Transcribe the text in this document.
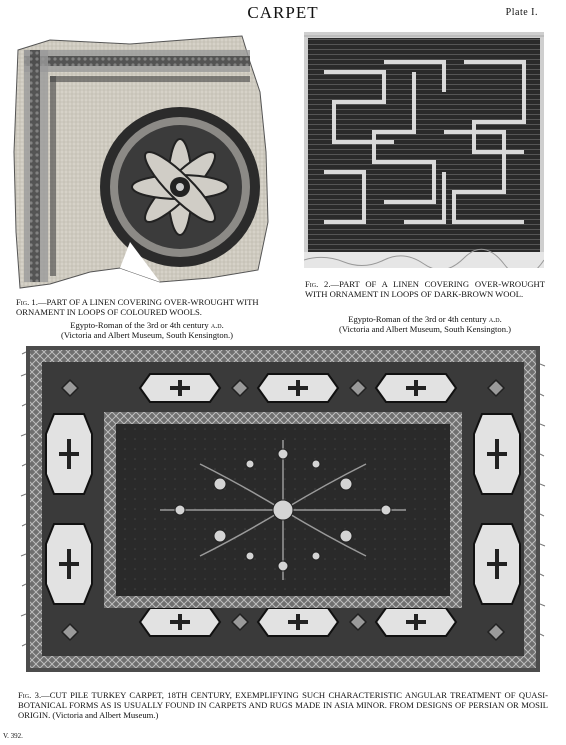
CARPET	Plate I.
Fig. 1.—PART OF A LINEN COVERING OVER-WROUGHT WITH ORNAMENT IN LOOPS OF COLOURED WOOLS.
Egypto-Roman of the 3rd or 4th century a.d.
(Victoria and Albert Museum, South Kensington.)
Fig. 2.—PART OF A LINEN COVERING OVER-WROUGHT WITH ORNAMENT IN LOOPS OF DARK-BROWN WOOL.
Egypto-Roman of the 3rd or 4th century a.d.
(Victoria and Albert Museum, South Kensington.)
Fig. 3.—CUT PILE TURKEY CARPET, 18TH CENTURY, EXEMPLIFYING SUCH CHARACTERISTIC ANGULAR TREATMENT OF QUASI-BOTANICAL FORMS AS IS USUALLY FOUND IN CARPETS AND RUGS MADE IN ASIA MINOR. FROM DESIGNS OF PERSIAN OR MOSIL ORIGIN. (Victoria and Albert Museum.)
V. 392.
